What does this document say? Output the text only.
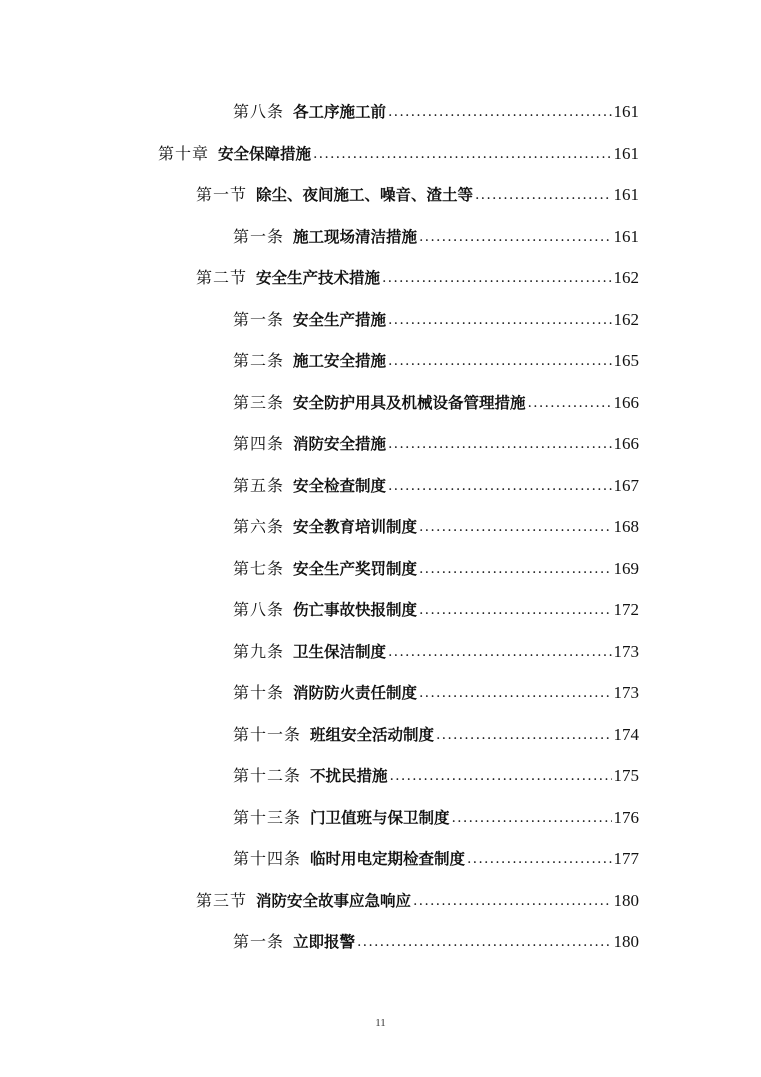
第八条 各工序施工前 .....	161
第十章 安全保障措施 .....	161
第一节 除尘、夜间施工、噪音、渣土等 .....	161
第一条 施工现场清洁措施 .....	161
第二节 安全生产技术措施 .....	162
第一条 安全生产措施 .....	162
第二条 施工安全措施 .....	165
第三条 安全防护用具及机械设备管理措施 .....	166
第四条 消防安全措施 .....	166
第五条 安全检查制度 .....	167
第六条 安全教育培训制度 .....	168
第七条 安全生产奖罚制度 .....	169
第八条 伤亡事故快报制度 .....	172
第九条 卫生保洁制度 .....	173
第十条 消防防火责任制度 .....	173
第十一条 班组安全活动制度 .....	174
第十二条 不扰民措施 .....	175
第十三条 门卫值班与保卫制度 .....	176
第十四条 临时用电定期检查制度 .....	177
第三节 消防安全故事应急响应 .....	180
第一条 立即报警 .....	180
11
